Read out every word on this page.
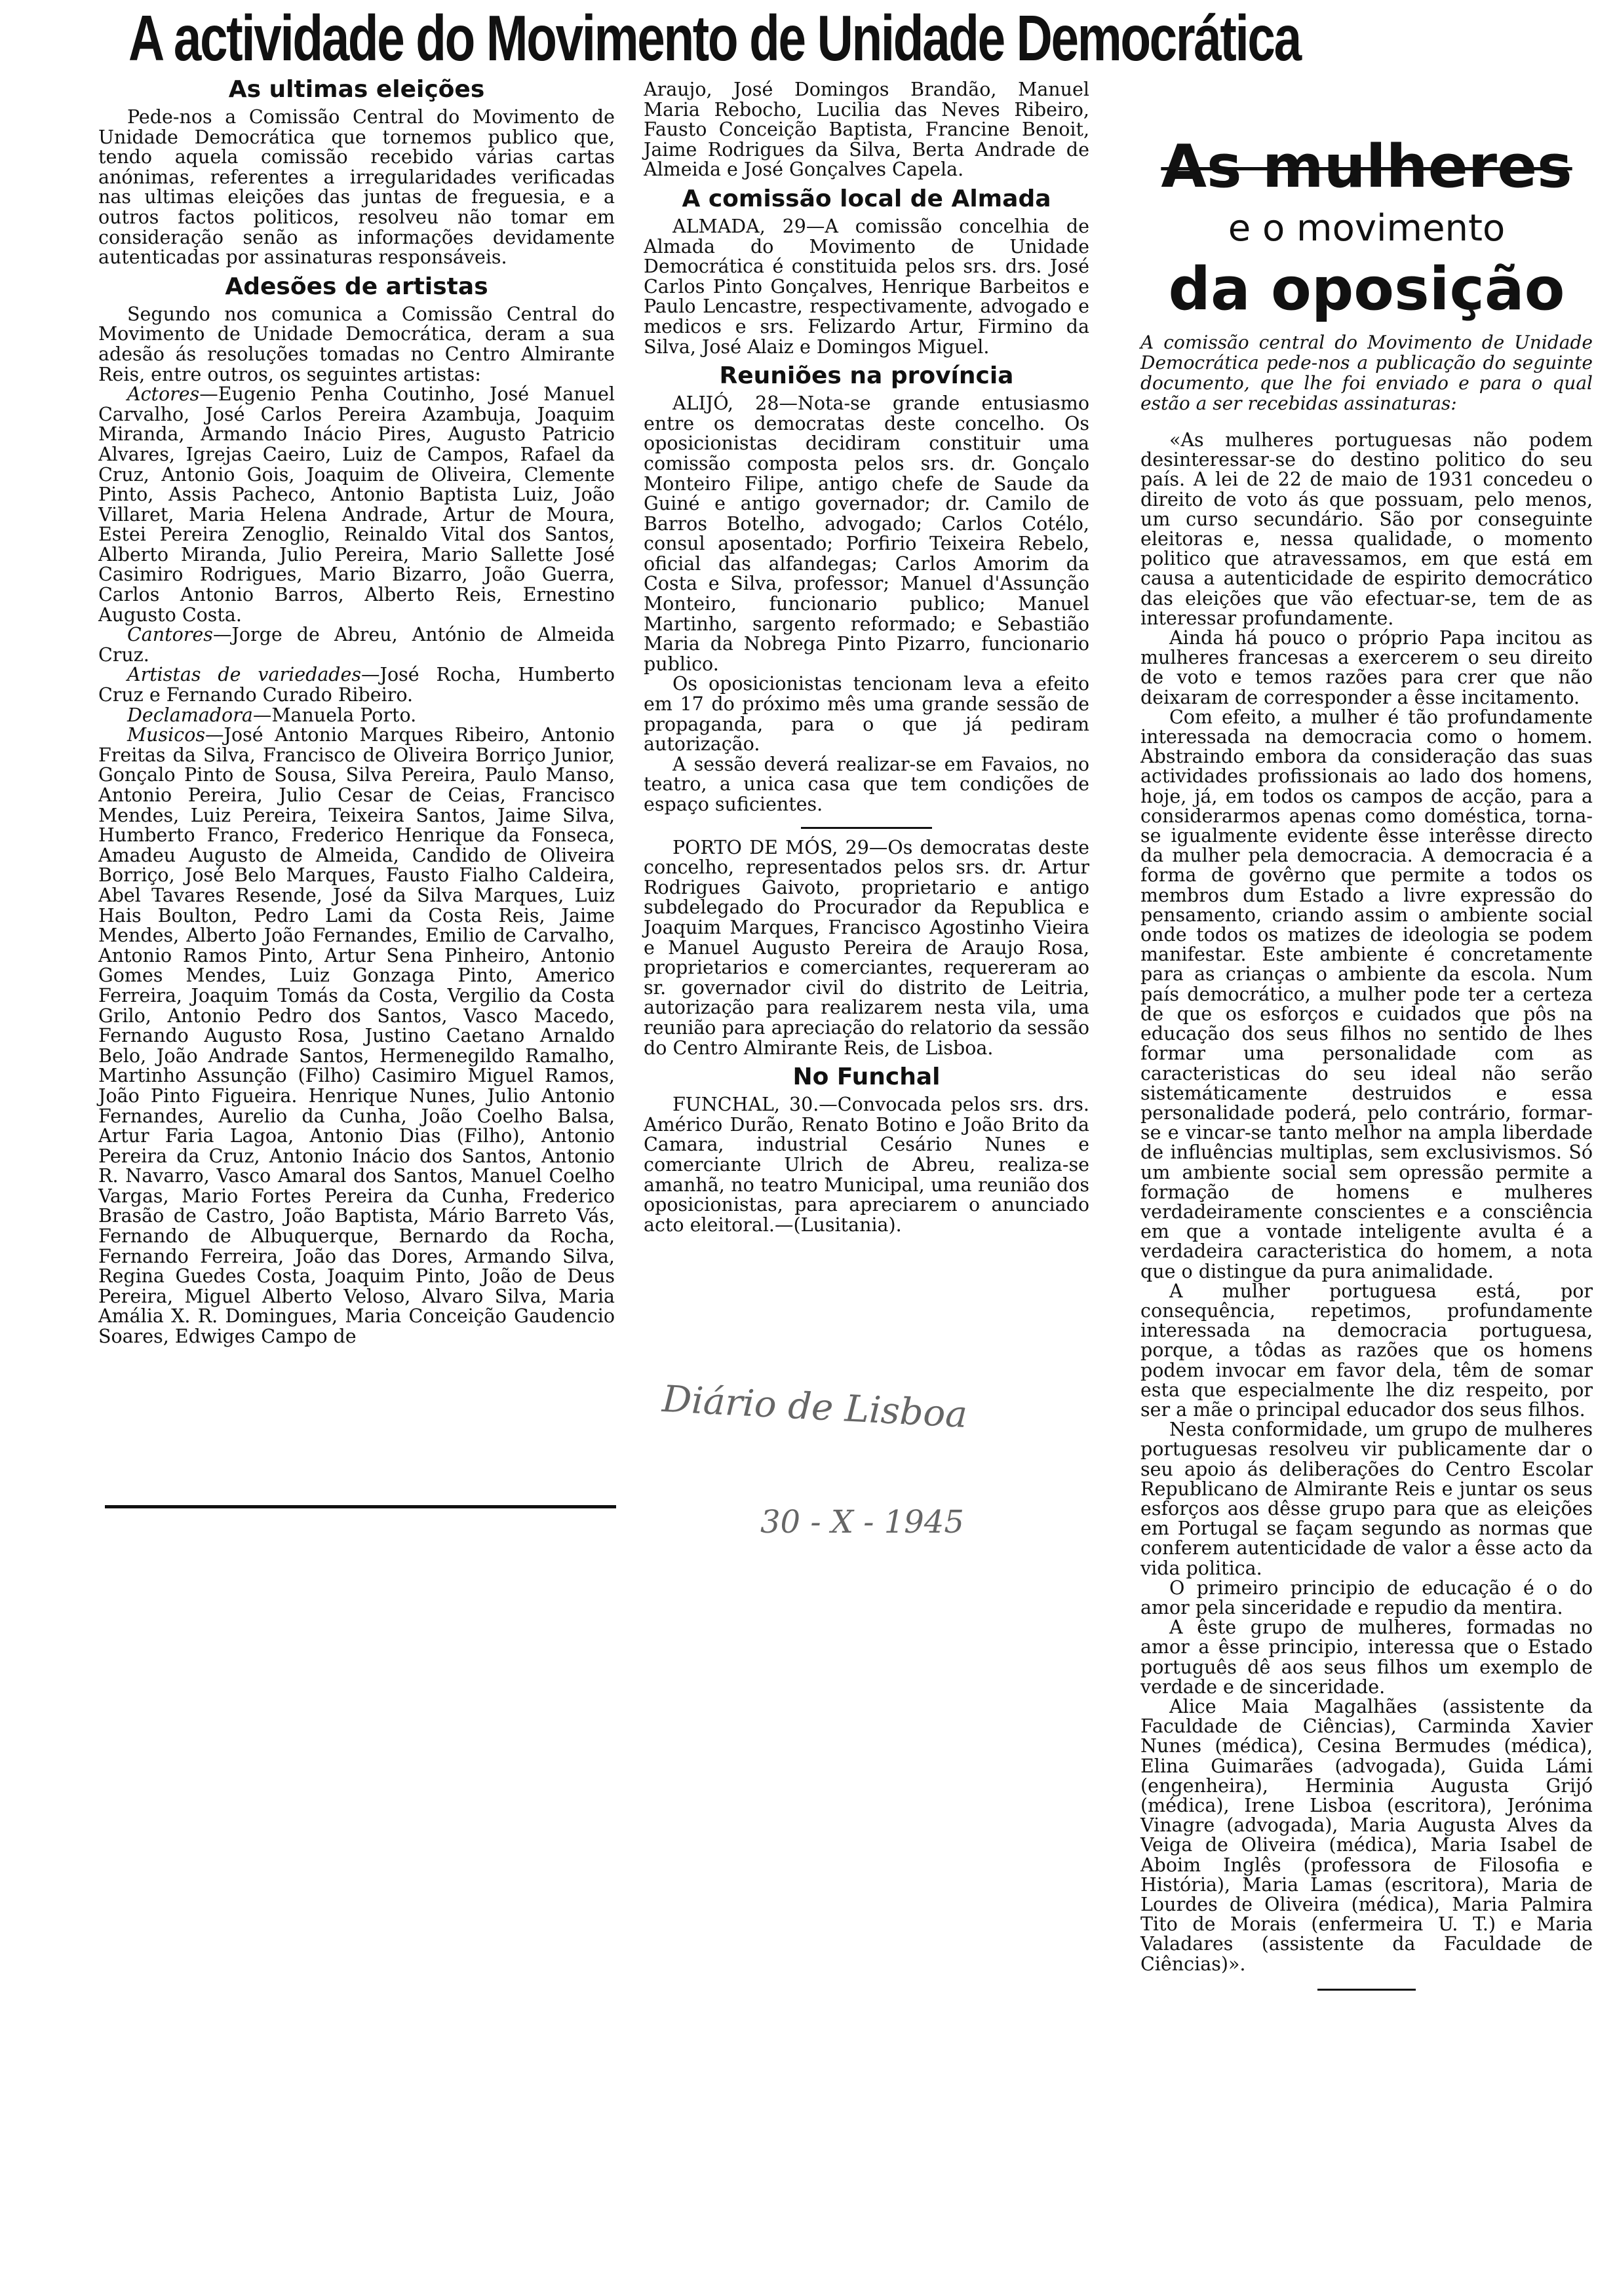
A actividade do Movimento de Unidade Democrática
As ultimas eleições

Pede-nos a Comissão Central do Movimento de Unidade Democrática que tornemos publico que, tendo aquela comissão recebido várias cartas anónimas, referentes a irregularidades verificadas nas ultimas eleições das juntas de freguesia, e a outros factos politicos, resolveu não tomar em consideração senão as informações devidamente autenticadas por assinaturas responsáveis.

Adesões de artistas

Segundo nos comunica a Comissão Central do Movimento de Unidade Democrática, deram a sua adesão ás resoluções tomadas no Centro Almirante Reis, entre outros, os seguintes artistas:

Actores—Eugenio Penha Coutinho, José Manuel Carvalho, José Carlos Pereira Azambuja, Joaquim Miranda, Armando Inácio Pires, Augusto Patricio Alvares, Igrejas Caeiro, Luiz de Campos, Rafael da Cruz, Antonio Gois, Joaquim de Oliveira, Clemente Pinto, Assis Pacheco, Antonio Baptista Luiz, João Villaret, Maria Helena Andrade, Artur de Moura, Estei Pereira Zenoglio, Reinaldo Vital dos Santos, Alberto Miranda, Julio Pereira, Mario Sallette José Casimiro Rodrigues, Mario Bizarro, João Guerra, Carlos Antonio Barros, Alberto Reis, Ernestino Augusto Costa.

Cantores—Jorge de Abreu, António de Almeida Cruz.

Artistas de variedades—José Rocha, Humberto Cruz e Fernando Curado Ribeiro.

Declamadora—Manuela Porto.

Musicos—José Antonio Marques Ribeiro, Antonio Freitas da Silva, Francisco de Oliveira Borriço Junior, Gonçalo Pinto de Sousa, Silva Pereira, Paulo Manso, Antonio Pereira, Julio Cesar de Ceias, Francisco Mendes, Luiz Pereira, Teixeira Santos, Jaime Silva, Humberto Franco, Frederico Henrique da Fonseca, Amadeu Augusto de Almeida, Candido de Oliveira Borriço, José Belo Marques, Fausto Fialho Caldeira, Abel Tavares Resende, José da Silva Marques, Luiz Hais Boulton, Pedro Lami da Costa Reis, Jaime Mendes, Alberto João Fernandes, Emilio de Carvalho, Antonio Ramos Pinto, Artur Sena Pinheiro, Antonio Gomes Mendes, Luiz Gonzaga Pinto, Americo Ferreira, Joaquim Tomás da Costa, Vergilio da Costa Grilo, Antonio Pedro dos Santos, Vasco Macedo, Fernando Augusto Rosa, Justino Caetano Arnaldo Belo, João Andrade Santos, Hermenegildo Ramalho, Martinho Assunção (Filho) Casimiro Miguel Ramos, João Pinto Figueira. Henrique Nunes, Julio Antonio Fernandes, Aurelio da Cunha, João Coelho Balsa, Artur Faria Lagoa, Antonio Dias (Filho), Antonio Pereira da Cruz, Antonio Inácio dos Santos, Antonio R. Navarro, Vasco Amaral dos Santos, Manuel Coelho Vargas, Mario Fortes Pereira da Cunha, Frederico Brasão de Castro, João Baptista, Mário Barreto Vás, Fernando de Albuquerque, Bernardo da Rocha, Fernando Ferreira, João das Dores, Armando Silva, Regina Guedes Costa, Joaquim Pinto, João de Deus Pereira, Miguel Alberto Veloso, Alvaro Silva, Maria Amália X. R. Domingues, Maria Conceição Gaudencio Soares, Edwiges Campo de

Araujo, José Domingos Brandão, Manuel Maria Rebocho, Lucilia das Neves Ribeiro, Fausto Conceição Baptista, Francine Benoit, Jaime Rodrigues da Silva, Berta Andrade de Almeida e José Gonçalves Capela.

A comissão local de Almada

ALMADA, 29—A comissão concelhia de Almada do Movimento de Unidade Democrática é constituida pelos srs. drs. José Carlos Pinto Gonçalves, Henrique Barbeitos e Paulo Lencastre, respectivamente, advogado e medicos e srs. Felizardo Artur, Firmino da Silva, José Alaiz e Domingos Miguel.

Reuniões na província

ALIJÓ, 28—Nota-se grande entusiasmo entre os democratas deste concelho. Os oposicionistas decidiram constituir uma comissão composta pelos srs. dr. Gonçalo Monteiro Filipe, antigo chefe de Saude da Guiné e antigo governador; dr. Camilo de Barros Botelho, advogado; Carlos Cotélo, consul aposentado; Porfirio Teixeira Rebelo, oficial das alfandegas; Carlos Amorim da Costa e Silva, professor; Manuel d'Assunção Monteiro, funcionario publico; Manuel Martinho, sargento reformado; e Sebastião Maria da Nobrega Pinto Pizarro, funcionario publico.

Os oposicionistas tencionam leva a efeito em 17 do próximo mês uma grande sessão de propaganda, para o que já pediram autorização.

A sessão deverá realizar-se em Favaios, no teatro, a unica casa que tem condições de espaço suficientes.

PORTO DE MÓS, 29—Os democratas deste concelho, representados pelos srs. dr. Artur Rodrigues Gaivoto, proprietario e antigo subdelegado do Procurador da Republica e Joaquim Marques, Francisco Agostinho Vieira e Manuel Augusto Pereira de Araujo Rosa, proprietarios e comerciantes, requereram ao sr. governador civil do distrito de Leitria, autorização para realizarem nesta vila, uma reunião para apreciação do relatorio da sessão do Centro Almirante Reis, de Lisboa.

No Funchal

FUNCHAL, 30.—Convocada pelos srs. drs. Américo Durão, Renato Botino e João Brito da Camara, industrial Cesário Nunes e comerciante Ulrich de Abreu, realiza-se amanhã, no teatro Municipal, uma reunião dos oposicionistas, para apreciarem o anunciado acto eleitoral.—(Lusitania).

Diário de Lisboa
30 - X - 1945
As mulheres
e o movimento
da oposição
A comissão central do Movimento de Unidade Democrática pede-nos a publicação do seguinte documento, que lhe foi enviado e para o qual estão a ser recebidas assinaturas:

«As mulheres portuguesas não podem desinteressar-se do destino politico do seu país. A lei de 22 de maio de 1931 concedeu o direito de voto ás que possuam, pelo menos, um curso secundário. São por conseguinte eleitoras e, nessa qualidade, o momento politico que atravessamos, em que está em causa a autenticidade de espirito democrático das eleições que vão efectuar-se, tem de as interessar profundamente.

Ainda há pouco o próprio Papa incitou as mulheres francesas a exercerem o seu direito de voto e temos razões para crer que não deixaram de corresponder a êsse incitamento.

Com efeito, a mulher é tão profundamente interessada na democracia como o homem. Abstraindo embora da consideração das suas actividades profissionais ao lado dos homens, hoje, já, em todos os campos de acção, para a considerarmos apenas como doméstica, torna-se igualmente evidente êsse interêsse directo da mulher pela democracia. A democracia é a forma de govêrno que permite a todos os membros dum Estado a livre expressão do pensamento, criando assim o ambiente social onde todos os matizes de ideologia se podem manifestar. Este ambiente é concretamente para as crianças o ambiente da escola. Num país democrático, a mulher pode ter a certeza de que os esforços e cuidados que pôs na educação dos seus filhos no sentido de lhes formar uma personalidade com as caracteristicas do seu ideal não serão sistemáticamente destruidos e essa personalidade poderá, pelo contrário, formar-se e vincar-se tanto melhor na ampla liberdade de influências multiplas, sem exclusivismos. Só um ambiente social sem opressão permite a formação de homens e mulheres verdadeiramente conscientes e a consciência em que a vontade inteligente avulta é a verdadeira caracteristica do homem, a nota que o distingue da pura animalidade.

A mulher portuguesa está, por consequência, repetimos, profundamente interessada na democracia portuguesa, porque, a tôdas as razões que os homens podem invocar em favor dela, têm de somar esta que especialmente lhe diz respeito, por ser a mãe o principal educador dos seus filhos.

Nesta conformidade, um grupo de mulheres portuguesas resolveu vir publicamente dar o seu apoio ás deliberações do Centro Escolar Republicano de Almirante Reis e juntar os seus esforços aos dêsse grupo para que as eleições em Portugal se façam segundo as normas que conferem autenticidade de valor a êsse acto da vida politica.

O primeiro principio de educação é o do amor pela sinceridade e repudio da mentira.

A êste grupo de mulheres, formadas no amor a êsse principio, interessa que o Estado português dê aos seus filhos um exemplo de verdade e de sinceridade.

Alice Maia Magalhães (assistente da Faculdade de Ciências), Carminda Xavier Nunes (médica), Cesina Bermudes (médica), Elina Guimarães (advogada), Guida Lámi (engenheira), Herminia Augusta Grijó (médica), Irene Lisboa (escritora), Jerónima Vinagre (advogada), Maria Augusta Alves da Veiga de Oliveira (médica), Maria Isabel de Aboim Inglês (professora de Filosofia e História), Maria Lamas (escritora), Maria de Lourdes de Oliveira (médica), Maria Palmira Tito de Morais (enfermeira U. T.) e Maria Valadares (assistente da Faculdade de Ciências)».
